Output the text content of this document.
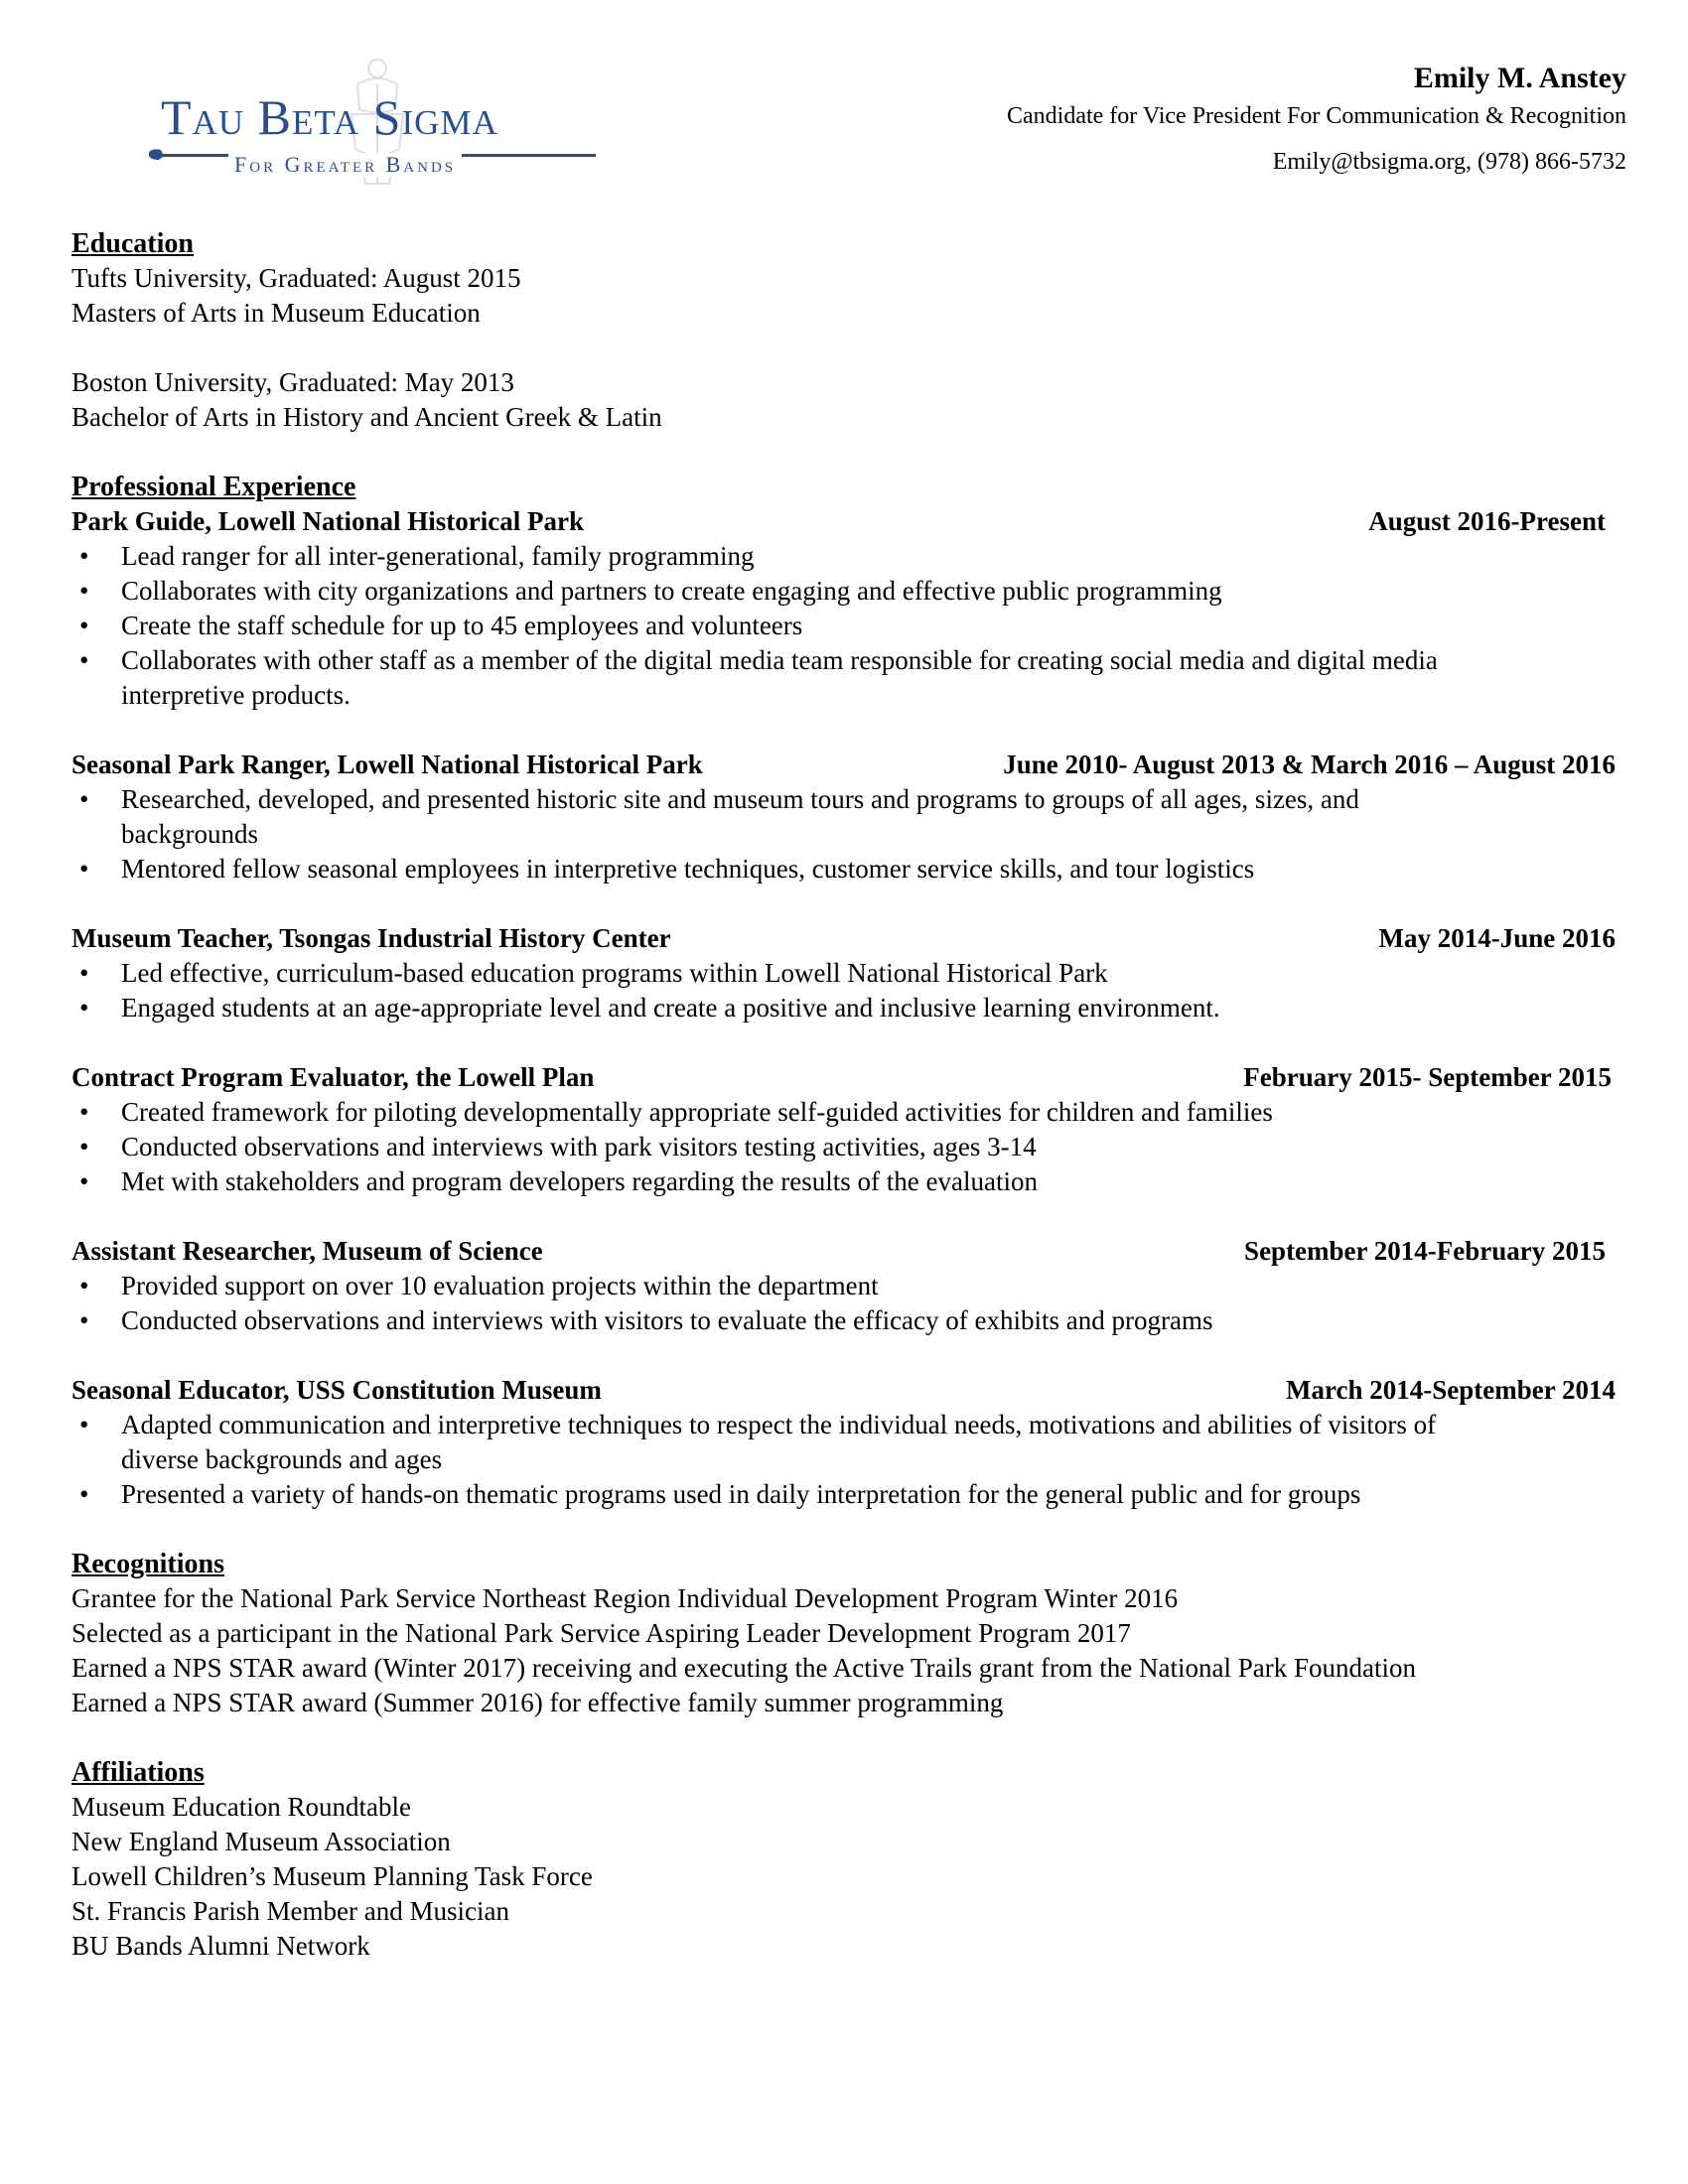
Tau Beta Sigma
For Greater Bands
Emily M. Anstey
Candidate for Vice President For Communication & Recognition
Emily@tbsigma.org, (978) 866-5732
Education
Tufts University, Graduated: August 2015
Masters of Arts in Museum Education
Boston University, Graduated: May 2013
Bachelor of Arts in History and Ancient Greek & Latin
Professional Experience
Park Guide, Lowell National Historical Park	August 2016-Present
• Lead ranger for all inter-generational, family programming
• Collaborates with city organizations and partners to create engaging and effective public programming
• Create the staff schedule for up to 45 employees and volunteers
• Collaborates with other staff as a member of the digital media team responsible for creating social media and digital media
interpretive products.
Seasonal Park Ranger, Lowell National Historical Park	June 2010- August 2013 & March 2016 – August 2016
• Researched, developed, and presented historic site and museum tours and programs to groups of all ages, sizes, and
backgrounds
• Mentored fellow seasonal employees in interpretive techniques, customer service skills, and tour logistics
Museum Teacher, Tsongas Industrial History Center	May 2014-June 2016
• Led effective, curriculum-based education programs within Lowell National Historical Park
• Engaged students at an age-appropriate level and create a positive and inclusive learning environment.
Contract Program Evaluator, the Lowell Plan	February 2015- September 2015
• Created framework for piloting developmentally appropriate self-guided activities for children and families
• Conducted observations and interviews with park visitors testing activities, ages 3-14
• Met with stakeholders and program developers regarding the results of the evaluation
Assistant Researcher, Museum of Science	September 2014-February 2015
• Provided support on over 10 evaluation projects within the department
• Conducted observations and interviews with visitors to evaluate the efficacy of exhibits and programs
Seasonal Educator, USS Constitution Museum	March 2014-September 2014
• Adapted communication and interpretive techniques to respect the individual needs, motivations and abilities of visitors of
diverse backgrounds and ages
• Presented a variety of hands-on thematic programs used in daily interpretation for the general public and for groups
Recognitions
Grantee for the National Park Service Northeast Region Individual Development Program Winter 2016
Selected as a participant in the National Park Service Aspiring Leader Development Program 2017
Earned a NPS STAR award (Winter 2017) receiving and executing the Active Trails grant from the National Park Foundation
Earned a NPS STAR award (Summer 2016) for effective family summer programming
Affiliations
Museum Education Roundtable
New England Museum Association
Lowell Children’s Museum Planning Task Force
St. Francis Parish Member and Musician
BU Bands Alumni Network
